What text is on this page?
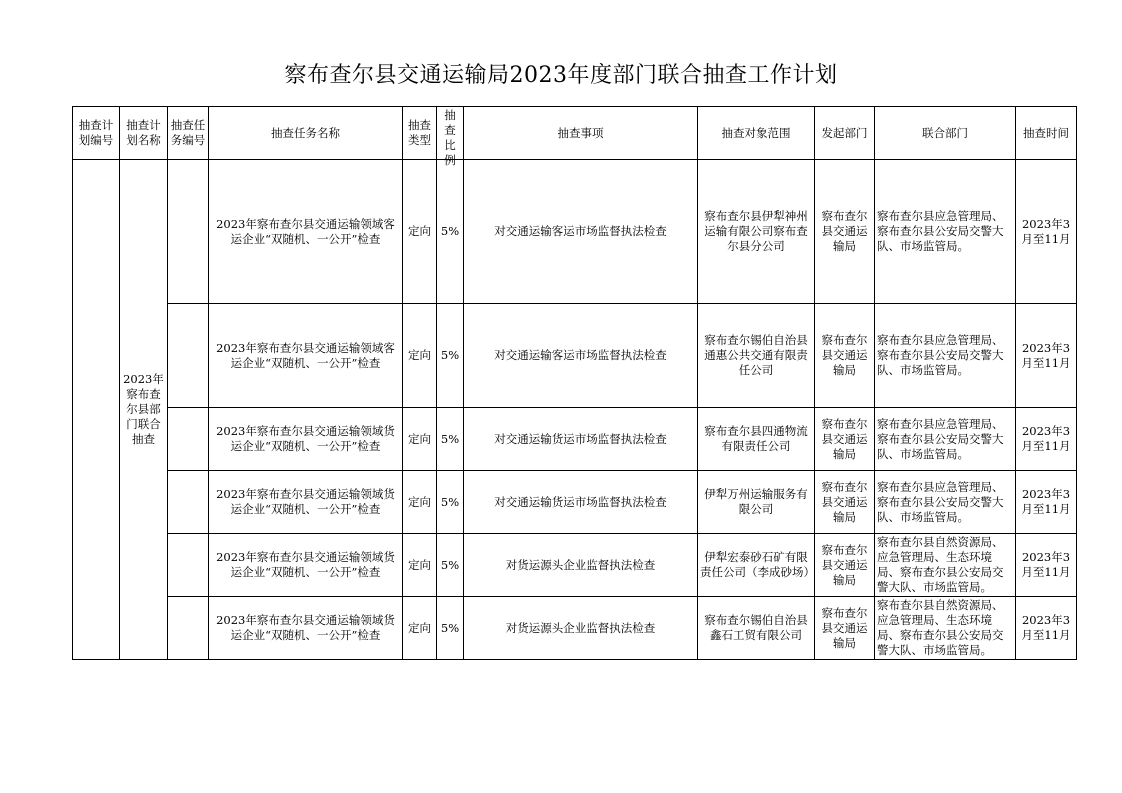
察布查尔县交通运输局2023年度部门联合抽查工作计划
抽查计划编号	抽查计划名称	抽查任务编号	抽查任务名称	抽查类型	抽查比例	抽查事项	抽查对象范围	发起部门	联合部门	抽查时间
	2023年察布查尔县部门联合抽查		2023年察布查尔县交通运输领域客运企业“双随机、一公开”检查	定向	5%	对交通运输客运市场监督执法检查	察布查尔县伊犁神州运输有限公司察布查尔县分公司	察布查尔县交通运输局	察布查尔县应急管理局、察布查尔县公安局交警大队、市场监管局。	2023年3月至11月
			2023年察布查尔县交通运输领域客运企业“双随机、一公开”检查	定向	5%	对交通运输客运市场监督执法检查	察布查尔锡伯自治县通惠公共交通有限责任公司	察布查尔县交通运输局	察布查尔县应急管理局、察布查尔县公安局交警大队、市场监管局。	2023年3月至11月
			2023年察布查尔县交通运输领域货运企业“双随机、一公开”检查	定向	5%	对交通运输货运市场监督执法检查	察布查尔县四通物流有限责任公司	察布查尔县交通运输局	察布查尔县应急管理局、察布查尔县公安局交警大队、市场监管局。	2023年3月至11月
			2023年察布查尔县交通运输领域货运企业“双随机、一公开”检查	定向	5%	对交通运输货运市场监督执法检查	伊犁万州运输服务有限公司	察布查尔县交通运输局	察布查尔县应急管理局、察布查尔县公安局交警大队、市场监管局。	2023年3月至11月
			2023年察布查尔县交通运输领域货运企业“双随机、一公开”检查	定向	5%	对货运源头企业监督执法检查	伊犁宏泰砂石矿有限责任公司（李成砂场）	察布查尔县交通运输局	察布查尔县自然资源局、应急管理局、生态环境局、察布查尔县公安局交警大队、市场监管局。	2023年3月至11月
			2023年察布查尔县交通运输领域货运企业“双随机、一公开”检查	定向	5%	对货运源头企业监督执法检查	察布查尔锡伯自治县鑫石工贸有限公司	察布查尔县交通运输局	察布查尔县自然资源局、应急管理局、生态环境局、察布查尔县公安局交警大队、市场监管局。	2023年3月至11月
